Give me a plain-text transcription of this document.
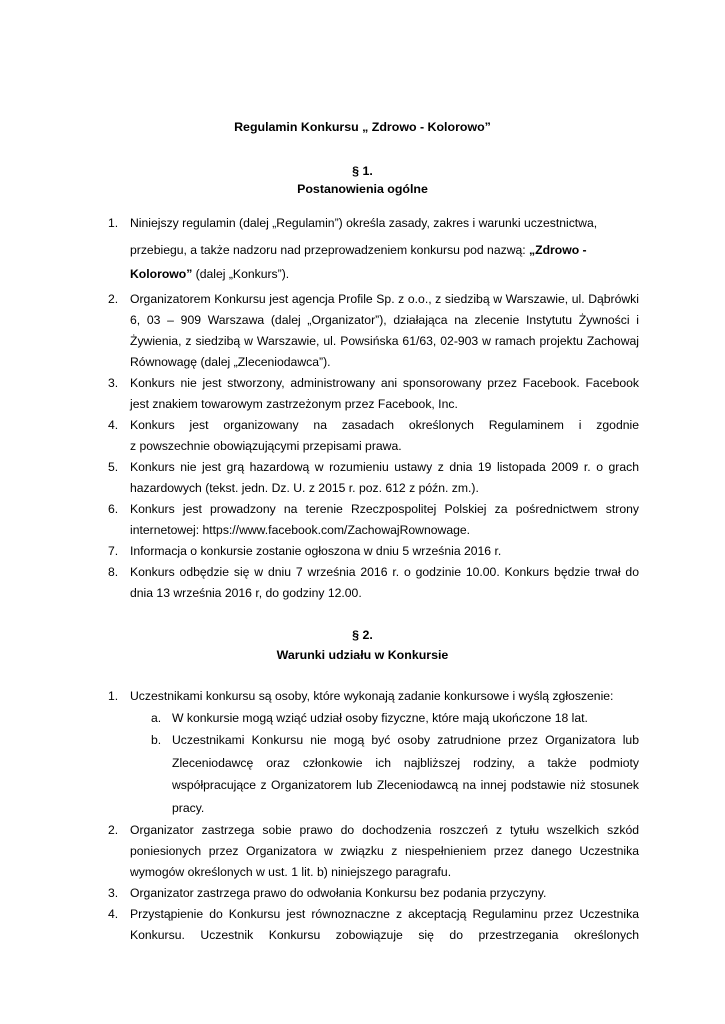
Regulamin Konkursu „ Zdrowo - Kolorowo”
§ 1.
Postanowienia ogólne
1. Niniejszy regulamin (dalej „Regulamin”) określa zasady, zakres i warunki uczestnictwa,
przebiegu, a także nadzoru nad przeprowadzeniem konkursu pod nazwą: „Zdrowo -
Kolorowo” (dalej „Konkurs”).
2. Organizatorem Konkursu jest agencja Profile Sp. z o.o., z siedzibą w Warszawie, ul. Dąbrówki
6, 03 – 909 Warszawa (dalej „Organizator”), działająca na zlecenie Instytutu Żywności i
Żywienia, z siedzibą w Warszawie, ul. Powsińska 61/63, 02-903 w ramach projektu Zachowaj
Równowagę (dalej „Zleceniodawca”).
3. Konkurs nie jest stworzony, administrowany ani sponsorowany przez Facebook. Facebook
jest znakiem towarowym zastrzeżonym przez Facebook, Inc.
4. Konkurs jest organizowany na zasadach określonych Regulaminem i zgodnie
z powszechnie obowiązującymi przepisami prawa.
5. Konkurs nie jest grą hazardową w rozumieniu ustawy z dnia 19 listopada 2009 r. o grach
hazardowych (tekst. jedn. Dz. U. z 2015 r. poz. 612 z późn. zm.).
6. Konkurs jest prowadzony na terenie Rzeczpospolitej Polskiej za pośrednictwem strony
internetowej: https://www.facebook.com/ZachowajRownowage.
7. Informacja o konkursie zostanie ogłoszona w dniu 5 września 2016 r.
8. Konkurs odbędzie się w dniu 7 września 2016 r. o godzinie 10.00. Konkurs będzie trwał do
dnia 13 września 2016 r, do godziny 12.00.
§ 2.
Warunki udziału w Konkursie
1. Uczestnikami konkursu są osoby, które wykonają zadanie konkursowe i wyślą zgłoszenie:
a. W konkursie mogą wziąć udział osoby fizyczne, które mają ukończone 18 lat.
b. Uczestnikami Konkursu nie mogą być osoby zatrudnione przez Organizatora lub
Zleceniodawcę oraz członkowie ich najbliższej rodziny, a także podmioty
współpracujące z Organizatorem lub Zleceniodawcą na innej podstawie niż stosunek
pracy.
2. Organizator zastrzega sobie prawo do dochodzenia roszczeń z tytułu wszelkich szkód
poniesionych przez Organizatora w związku z niespełnieniem przez danego Uczestnika
wymogów określonych w ust. 1 lit. b) niniejszego paragrafu.
3. Organizator zastrzega prawo do odwołania Konkursu bez podania przyczyny.
4. Przystąpienie do Konkursu jest równoznaczne z akceptacją Regulaminu przez Uczestnika
Konkursu. Uczestnik Konkursu zobowiązuje się do przestrzegania określonych
